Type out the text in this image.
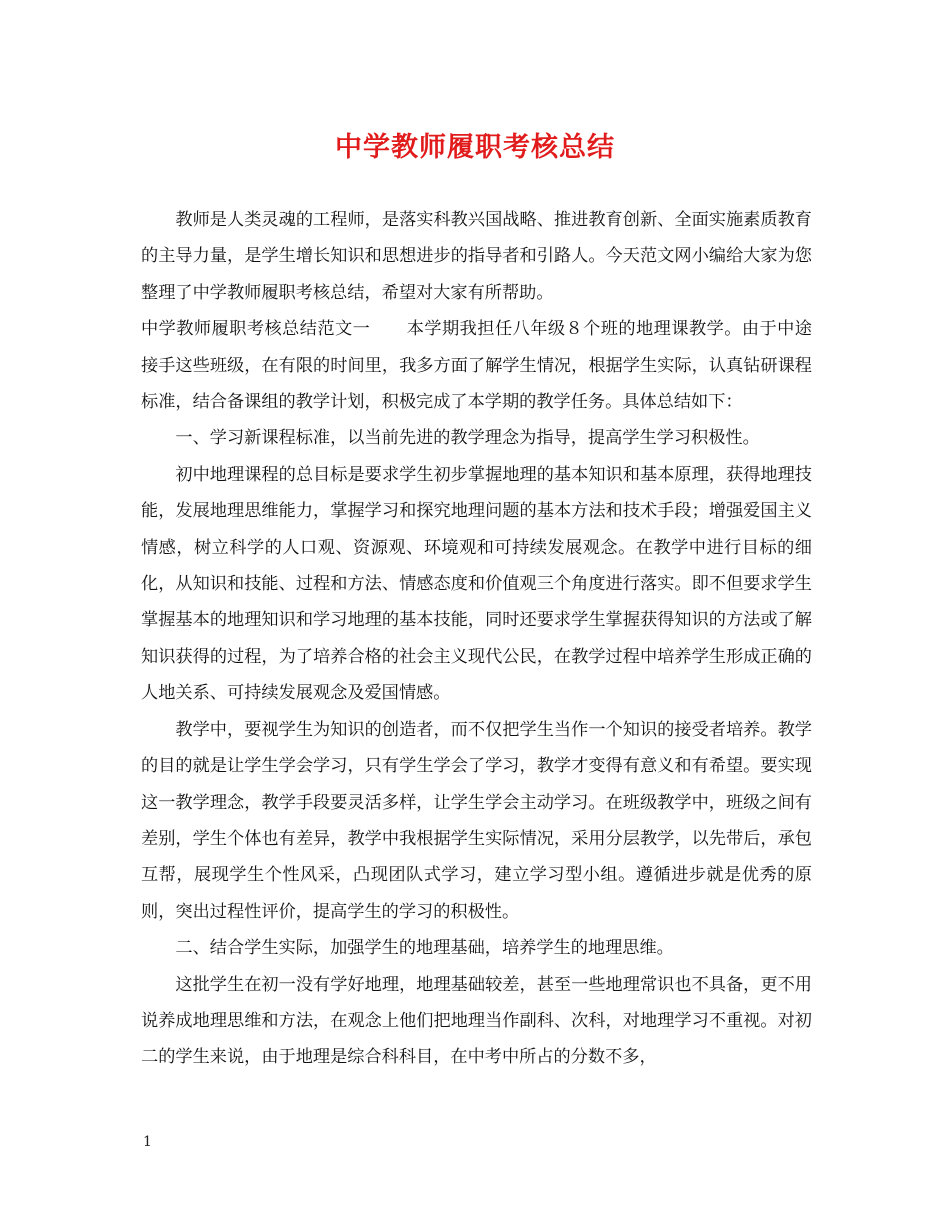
中学教师履职考核总结

教师是人类灵魂的工程师，是落实科教兴国战略、推进教育创新、全面实施素质教育的主导力量，是学生增长知识和思想进步的指导者和引路人。今天范文网小编给大家为您整理了中学教师履职考核总结，希望对大家有所帮助。

中学教师履职考核总结范文一 本学期我担任八年级８个班的地理课教学。由于中途接手这些班级，在有限的时间里，我多方面了解学生情况，根据学生实际，认真钻研课程标准，结合备课组的教学计划，积极完成了本学期的教学任务。具体总结如下：

一、学习新课程标准，以当前先进的教学理念为指导，提高学生学习积极性。

初中地理课程的总目标是要求学生初步掌握地理的基本知识和基本原理，获得地理技能，发展地理思维能力，掌握学习和探究地理问题的基本方法和技术手段；增强爱国主义情感，树立科学的人口观、资源观、环境观和可持续发展观念。在教学中进行目标的细化，从知识和技能、过程和方法、情感态度和价值观三个角度进行落实。即不但要求学生掌握基本的地理知识和学习地理的基本技能，同时还要求学生掌握获得知识的方法或了解知识获得的过程，为了培养合格的社会主义现代公民，在教学过程中培养学生形成正确的人地关系、可持续发展观念及爱国情感。

教学中，要视学生为知识的创造者，而不仅把学生当作一个知识的接受者培养。教学的目的就是让学生学会学习，只有学生学会了学习，教学才变得有意义和有希望。要实现这一教学理念，教学手段要灵活多样，让学生学会主动学习。在班级教学中，班级之间有差别，学生个体也有差异，教学中我根据学生实际情况，采用分层教学，以先带后，承包互帮，展现学生个性风采，凸现团队式学习，建立学习型小组。遵循进步就是优秀的原则，突出过程性评价，提高学生的学习的积极性。

二、结合学生实际，加强学生的地理基础，培养学生的地理思维。

这批学生在初一没有学好地理，地理基础较差，甚至一些地理常识也不具备，更不用说养成地理思维和方法，在观念上他们把地理当作副科、次科，对地理学习不重视。对初二的学生来说，由于地理是综合科科目，在中考中所占的分数不多，

1
